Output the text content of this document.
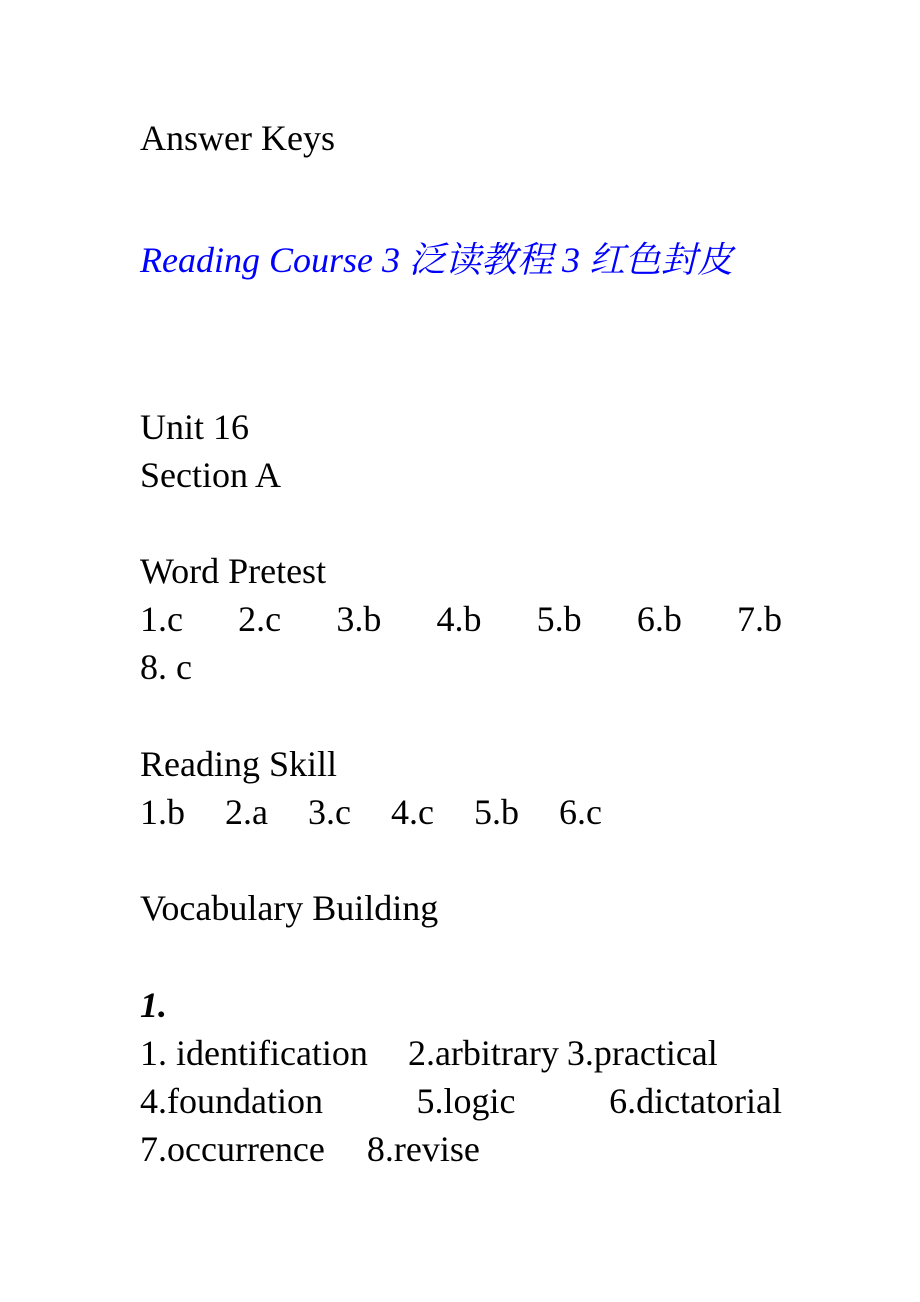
Answer Keys
Reading Course 3 泛读教程 3 红色封皮
Unit 16
Section A
Word Pretest
1.c 2.c 3.b 4.b 5.b 6.b 7.b
8. c
Reading Skill
1.b 2.a 3.c 4.c 5.b 6.c
Vocabulary Building
1.
1. identification 2.arbitrary 3.practical
4.foundation	5.logic	6.dictatorial
7.occurrence 8.revise
